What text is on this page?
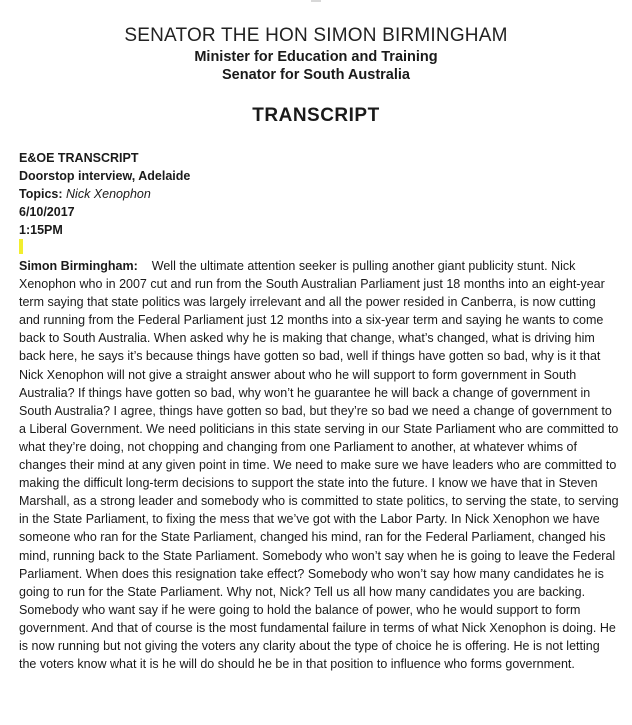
SENATOR THE HON SIMON BIRMINGHAM
Minister for Education and Training
Senator for South Australia
TRANSCRIPT
E&OE TRANSCRIPT
Doorstop interview, Adelaide
Topics: Nick Xenophon
6/10/2017
1:15PM
Simon Birmingham: Well the ultimate attention seeker is pulling another giant publicity stunt. Nick Xenophon who in 2007 cut and run from the South Australian Parliament just 18 months into an eight-year term saying that state politics was largely irrelevant and all the power resided in Canberra, is now cutting and running from the Federal Parliament just 12 months into a six-year term and saying he wants to come back to South Australia. When asked why he is making that change, what’s changed, what is driving him back here, he says it’s because things have gotten so bad, well if things have gotten so bad, why is it that Nick Xenophon will not give a straight answer about who he will support to form government in South Australia? If things have gotten so bad, why won’t he guarantee he will back a change of government in South Australia? I agree, things have gotten so bad, but they’re so bad we need a change of government to a Liberal Government. We need politicians in this state serving in our State Parliament who are committed to what they’re doing, not chopping and changing from one Parliament to another, at whatever whims of changes their mind at any given point in time. We need to make sure we have leaders who are committed to making the difficult long-term decisions to support the state into the future. I know we have that in Steven Marshall, as a strong leader and somebody who is committed to state politics, to serving the state, to serving in the State Parliament, to fixing the mess that we’ve got with the Labor Party. In Nick Xenophon we have someone who ran for the State Parliament, changed his mind, ran for the Federal Parliament, changed his mind, running back to the State Parliament. Somebody who won’t say when he is going to leave the Federal Parliament. When does this resignation take effect? Somebody who won’t say how many candidates he is going to run for the State Parliament. Why not, Nick? Tell us all how many candidates you are backing. Somebody who want say if he were going to hold the balance of power, who he would support to form government. And that of course is the most fundamental failure in terms of what Nick Xenophon is doing. He is now running but not giving the voters any clarity about the type of choice he is offering. He is not letting the voters know what it is he will do should he be in that position to influence who forms government.
